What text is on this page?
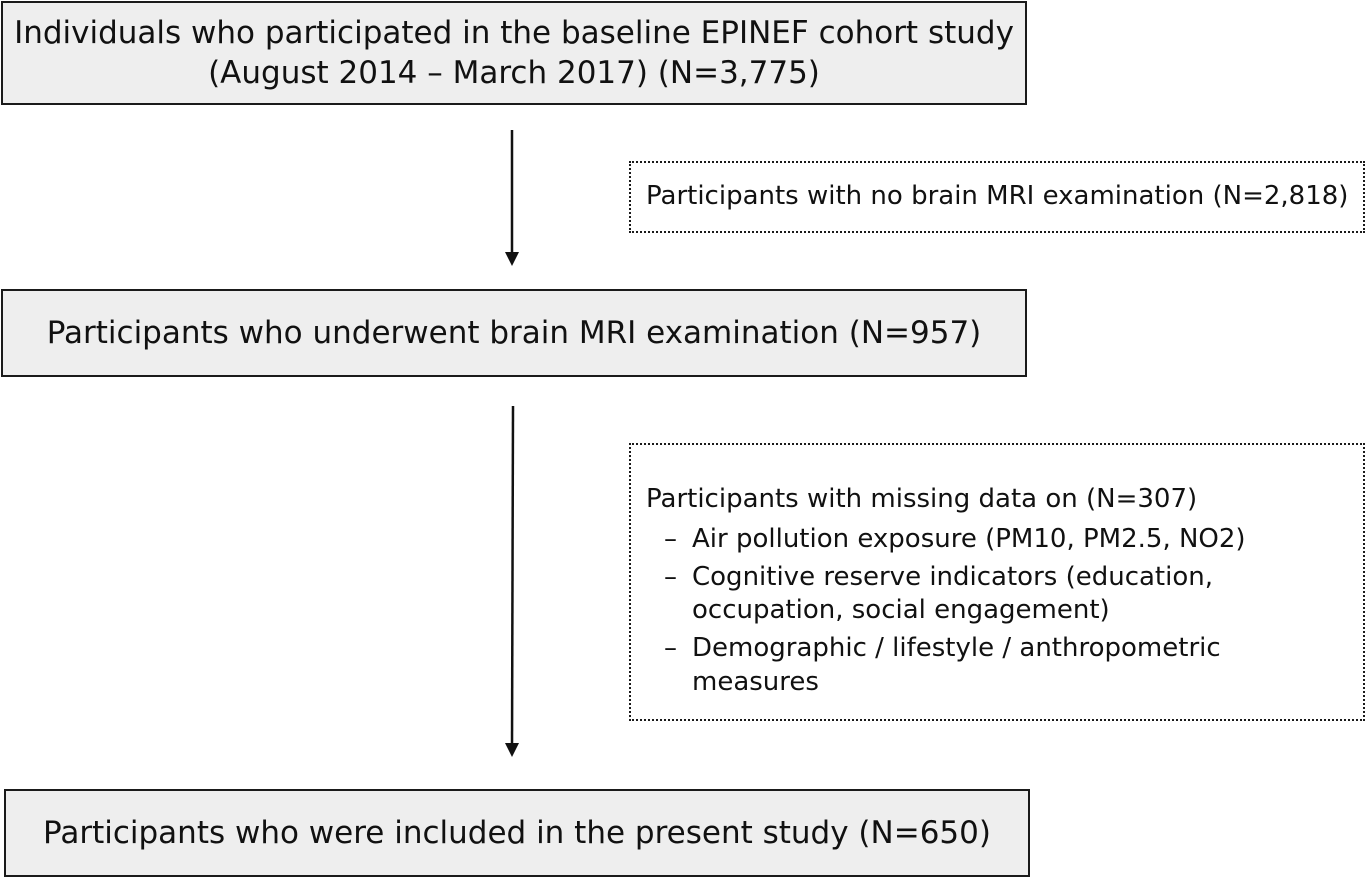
Individuals who participated in the baseline EPINEF cohort study
(August 2014 – March 2017) (N=3,775)
Participants with no brain MRI examination (N=2,818)
Participants who underwent brain MRI examination (N=957)
Participants with missing data on (N=307)
– Air pollution exposure (PM10, PM2.5, NO2)
– Cognitive reserve indicators (education, occupation, social engagement)
– Demographic / lifestyle / anthropometric measures
Participants who were included in the present study (N=650)
